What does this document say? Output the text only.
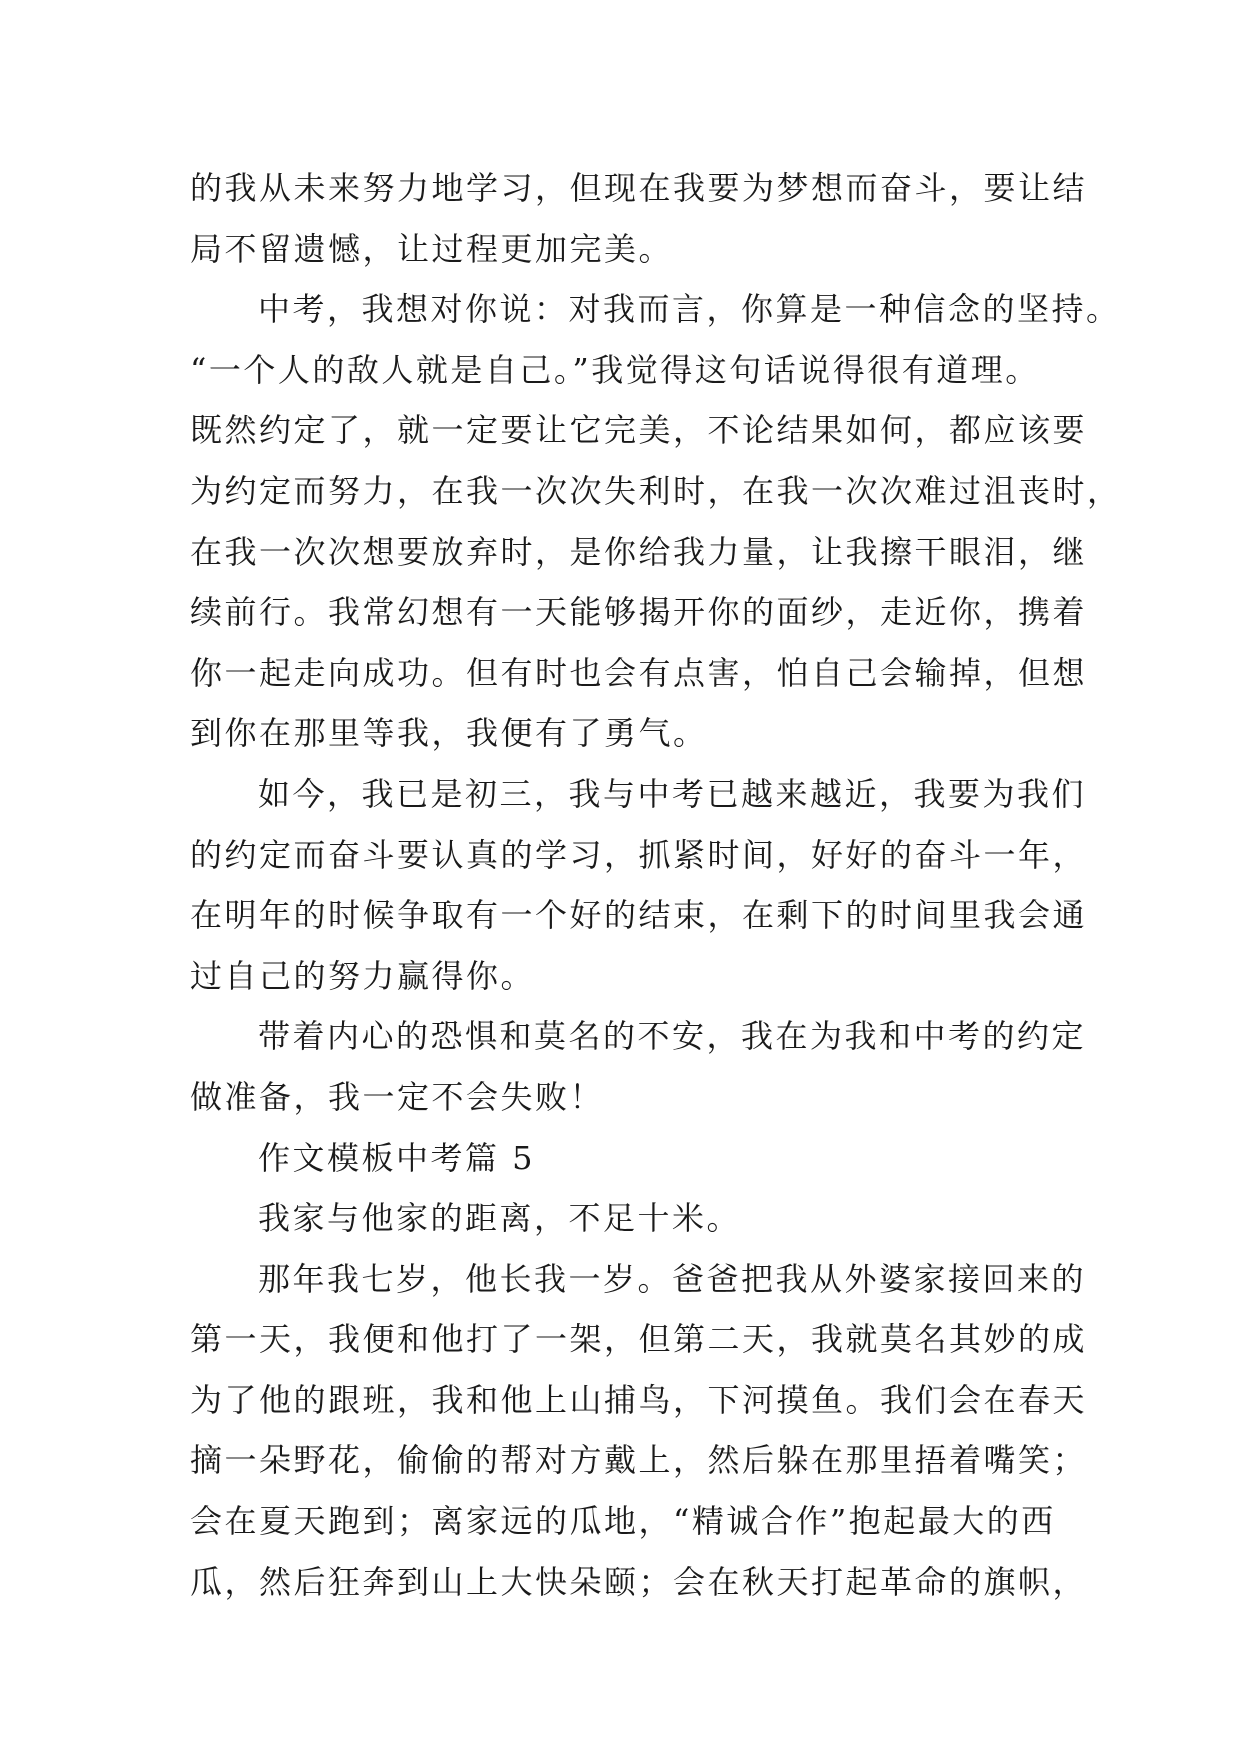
的我从未来努力地学习，但现在我要为梦想而奋斗，要让结
局不留遗憾，让过程更加完美。
中考，我想对你说：对我而言，你算是一种信念的坚持。
“一个人的敌人就是自己。”我觉得这句话说得很有道理。
既然约定了，就一定要让它完美，不论结果如何，都应该要
为约定而努力，在我一次次失利时，在我一次次难过沮丧时，
在我一次次想要放弃时，是你给我力量，让我擦干眼泪，继
续前行。我常幻想有一天能够揭开你的面纱，走近你，携着
你一起走向成功。但有时也会有点害，怕自己会输掉，但想
到你在那里等我，我便有了勇气。
如今，我已是初三，我与中考已越来越近，我要为我们
的约定而奋斗要认真的学习，抓紧时间，好好的奋斗一年，
在明年的时候争取有一个好的结束，在剩下的时间里我会通
过自己的努力赢得你。
带着内心的恐惧和莫名的不安，我在为我和中考的约定
做准备，我一定不会失败！
作文模板中考篇 5
我家与他家的距离，不足十米。
那年我七岁，他长我一岁。爸爸把我从外婆家接回来的
第一天，我便和他打了一架，但第二天，我就莫名其妙的成
为了他的跟班，我和他上山捕鸟，下河摸鱼。我们会在春天
摘一朵野花，偷偷的帮对方戴上，然后躲在那里捂着嘴笑；
会在夏天跑到；离家远的瓜地，“精诚合作”抱起最大的西
瓜，然后狂奔到山上大快朵颐；会在秋天打起革命的旗帜，
